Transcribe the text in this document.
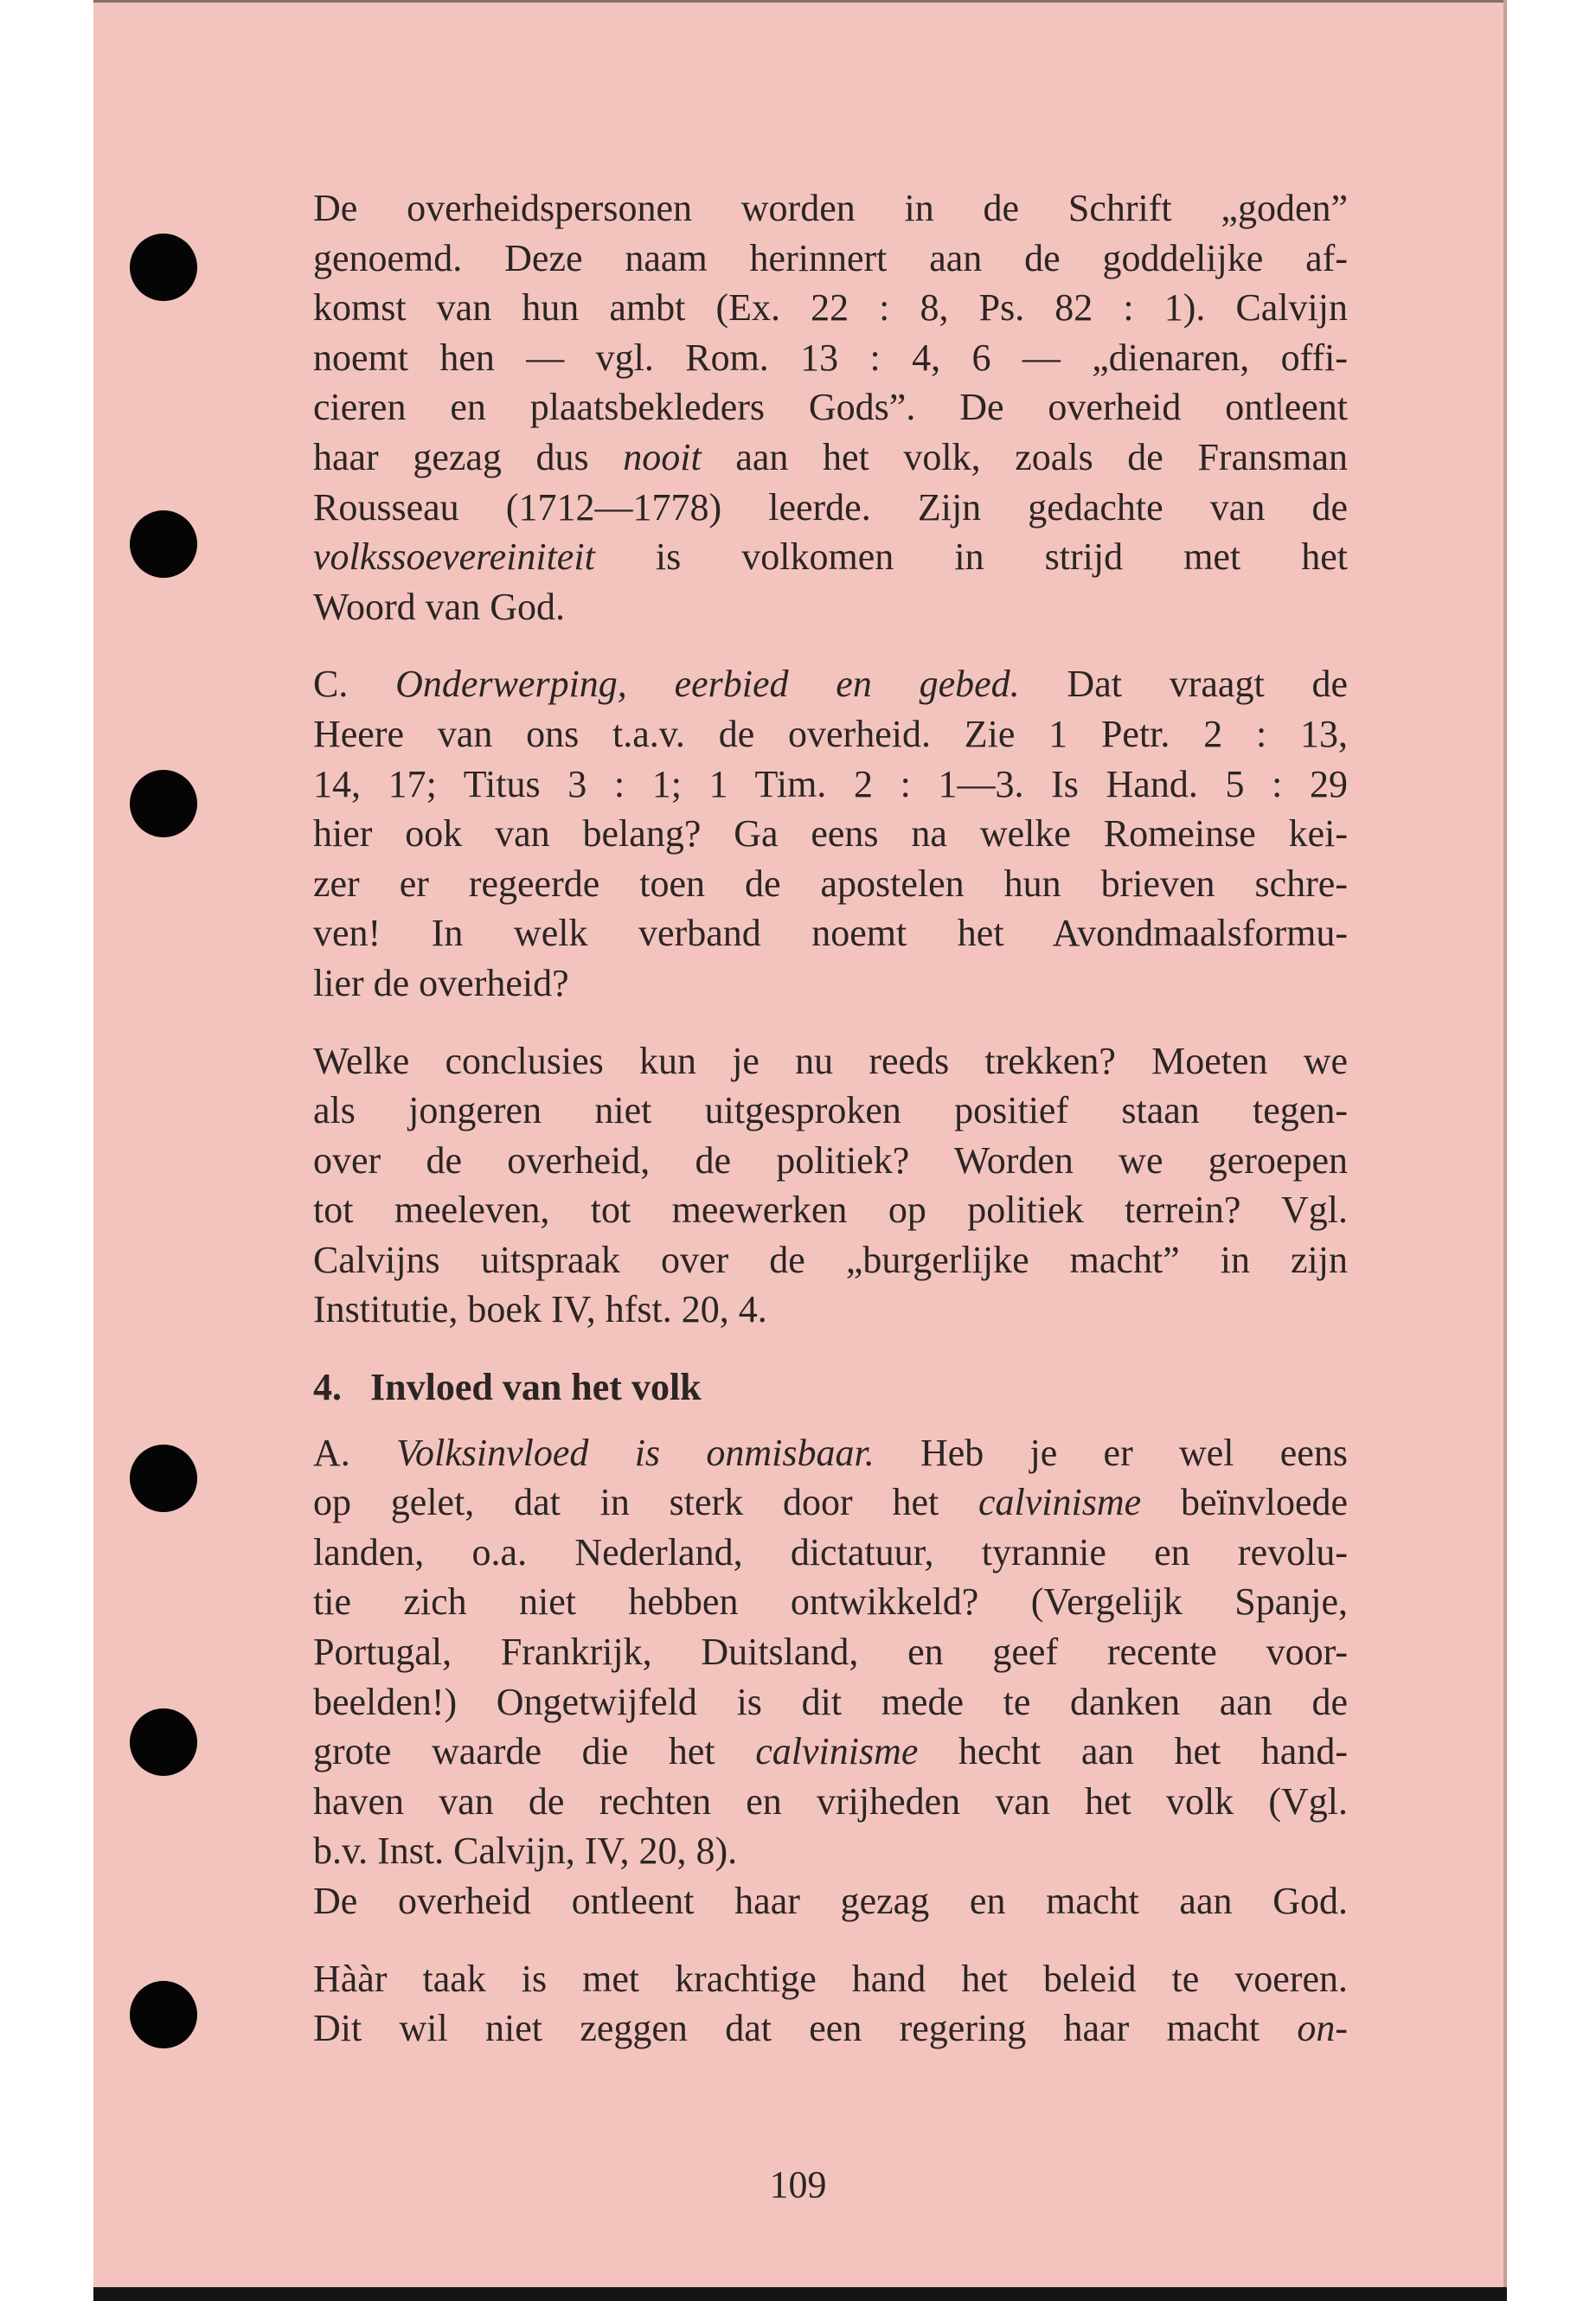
De overheidspersonen worden in de Schrift „goden”
genoemd. Deze naam herinnert aan de goddelijke af-
komst van hun ambt (Ex. 22 : 8, Ps. 82 : 1). Calvijn
noemt hen — vgl. Rom. 13 : 4, 6 — „dienaren, offi-
cieren en plaatsbekleders Gods”. De overheid ontleent
haar gezag dus nooit aan het volk, zoals de Fransman
Rousseau (1712—1778) leerde. Zijn gedachte van de
volkssoevereiniteit is volkomen in strijd met het
Woord van God.
C. Onderwerping, eerbied en gebed. Dat vraagt de
Heere van ons t.a.v. de overheid. Zie 1 Petr. 2 : 13,
14, 17; Titus 3 : 1; 1 Tim. 2 : 1—3. Is Hand. 5 : 29
hier ook van belang? Ga eens na welke Romeinse kei-
zer er regeerde toen de apostelen hun brieven schre-
ven! In welk verband noemt het Avondmaalsformu-
lier de overheid?
Welke conclusies kun je nu reeds trekken? Moeten we
als jongeren niet uitgesproken positief staan tegen-
over de overheid, de politiek? Worden we geroepen
tot meeleven, tot meewerken op politiek terrein? Vgl.
Calvijns uitspraak over de „burgerlijke macht” in zijn
Institutie, boek IV, hfst. 20, 4.
4. Invloed van het volk
A. Volksinvloed is onmisbaar. Heb je er wel eens
op gelet, dat in sterk door het calvinisme beïnvloede
landen, o.a. Nederland, dictatuur, tyrannie en revolu-
tie zich niet hebben ontwikkeld? (Vergelijk Spanje,
Portugal, Frankrijk, Duitsland, en geef recente voor-
beelden!) Ongetwijfeld is dit mede te danken aan de
grote waarde die het calvinisme hecht aan het hand-
haven van de rechten en vrijheden van het volk (Vgl.
b.v. Inst. Calvijn, IV, 20, 8).
De overheid ontleent haar gezag en macht aan God.
Hààr taak is met krachtige hand het beleid te voeren.
Dit wil niet zeggen dat een regering haar macht on-
109
